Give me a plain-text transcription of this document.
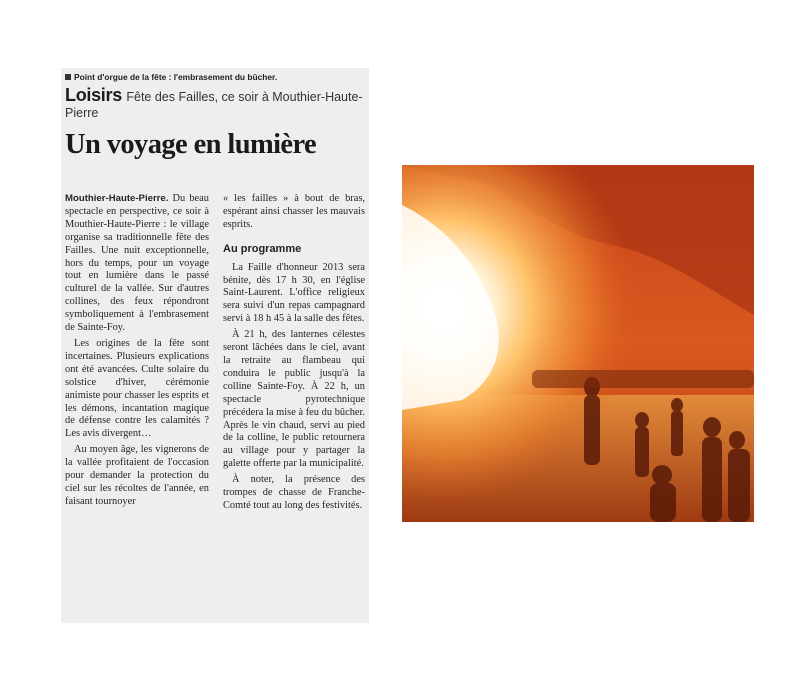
Point d'orgue de la fête : l'embrasement du bûcher.
Loisirs Fête des Failles, ce soir à Mouthier-Haute-Pierre
Un voyage en lumière

Mouthier-Haute-Pierre. Du beau spectacle en perspective, ce soir à Mouthier-Haute-Pierre : le village organise sa traditionnelle fête des Failles. Une nuit exceptionnelle, hors du temps, pour un voyage tout en lumière dans le passé culturel de la vallée. Sur d'autres collines, des feux répondront symboliquement à l'embrasement de Sainte-Foy.

Les origines de la fête sont incertaines. Plusieurs explications ont été avancées. Culte solaire du solstice d'hiver, cérémonie animiste pour chasser les esprits et les démons, incantation magique de défense contre les calamités ? Les avis divergent…

Au moyen âge, les vignerons de la vallée profitaient de l'occasion pour demander la protection du ciel sur les récoltes de l'année, en faisant tournoyer

« les failles » à bout de bras, espérant ainsi chasser les mauvais esprits.

Au programme

La Faille d'honneur 2013 sera bénite, dès 17 h 30, en l'église Saint-Laurent. L'office religieux sera suivi d'un repas campagnard servi à 18 h 45 à la salle des fêtes.

À 21 h, des lanternes célestes seront lâchées dans le ciel, avant la retraite au flambeau qui conduira le public jusqu'à la colline Sainte-Foy. À 22 h, un spectacle pyrotechnique précédera la mise à feu du bûcher. Après le vin chaud, servi au pied de la colline, le public retournera au village pour y partager la galette offerte par la municipalité.

À noter, la présence des trompes de chasse de Franche-Comté tout au long des festivités.
